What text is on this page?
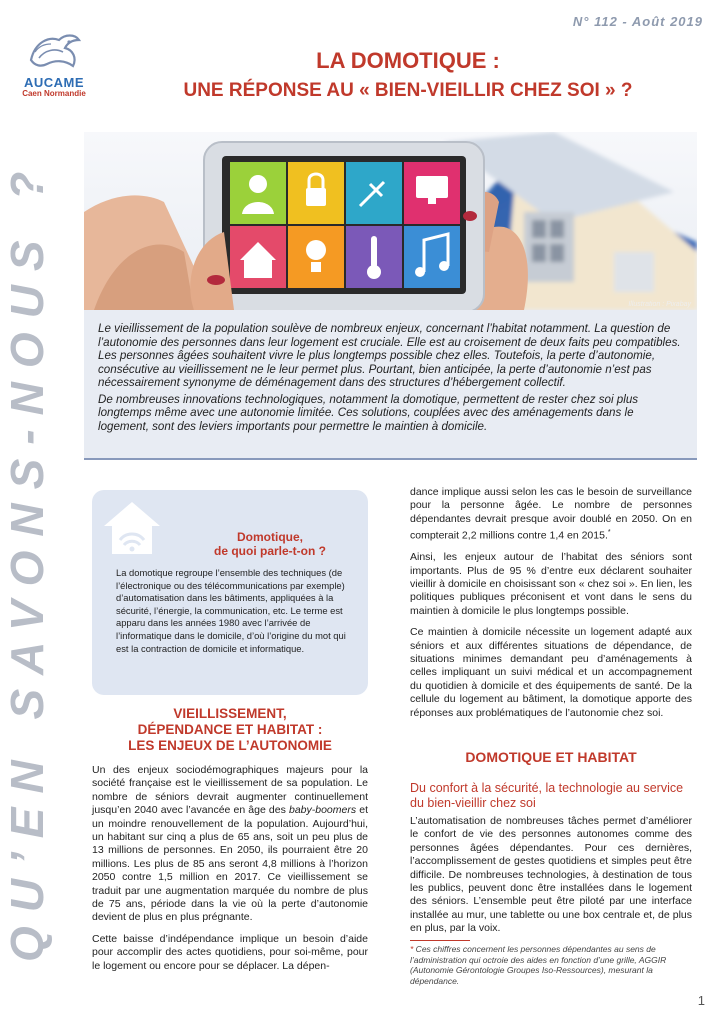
N° 112 - Août 2019
AUCAME
Caen Normandie
LA DOMOTIQUE :
UNE RÉPONSE AU « BIEN-VIEILLIR CHEZ SOI » ?
QU’EN SAVONS-NOUS ?	Illustration : Pixabay

Le vieillissement de la population soulève de nombreux enjeux, concernant l’habitat notamment. La question de l’autonomie des personnes dans leur logement est cruciale. Elle est au croisement de deux faits peu compatibles. Les personnes âgées souhaitent vivre le plus longtemps possible chez elles. Toutefois, la perte d’autonomie, consécutive au vieillissement ne le leur permet plus. Pourtant, bien anticipée, la perte d’autonomie n’est pas nécessairement synonyme de déménagement dans des structures d’hébergement collectif.

De nombreuses innovations technologiques, notamment la domotique, permettent de rester chez soi plus longtemps même avec une autonomie limitée. Ces solutions, couplées avec des aménagements dans le logement, sont des leviers importants pour permettre le maintien à domicile.

Domotique,
de quoi parle-t-on ?

La domotique regroupe l’ensemble des techniques (de l’électronique ou des télécommunications par exemple) d’automatisation dans les bâtiments, appliquées à la sécurité, l’énergie, la communication, etc. Le terme est apparu dans les années 1980 avec l’arrivée de l’informatique dans le domicile, d’où l’origine du mot qui est la contraction de domicile et informatique.

VIEILLISSEMENT,
DÉPENDANCE ET HABITAT :
LES ENJEUX DE L’AUTONOMIE

Un des enjeux sociodémographiques majeurs pour la société française est le vieillissement de sa population. Le nombre de séniors devrait augmenter continuellement jusqu’en 2040 avec l’avancée en âge des baby-boomers et un moindre renouvellement de la population. Aujourd’hui, un habitant sur cinq a plus de 65 ans, soit un peu plus de 13 millions de personnes. En 2050, ils pourraient être 20 millions. Les plus de 85 ans seront 4,8 millions à l’horizon 2050 contre 1,5 million en 2017. Ce vieillissement se traduit par une augmentation marquée du nombre de plus de 75 ans, période dans la vie où la perte d’autonomie devient de plus en plus prégnante.

Cette baisse d’indépendance implique un besoin d’aide pour accomplir des actes quotidiens, pour soi-même, pour le logement ou encore pour se déplacer. La dépen-

dance implique aussi selon les cas le besoin de surveillance pour la personne âgée. Le nombre de personnes dépendantes devrait presque avoir doublé en 2050. On en compterait 2,2 millions contre 1,4 en 2015.*

Ainsi, les enjeux autour de l’habitat des séniors sont importants. Plus de 95 % d’entre eux déclarent souhaiter vieillir à domicile en choisissant son « chez soi ». En lien, les politiques publiques préconisent et vont dans le sens du maintien à domicile le plus longtemps possible.

Ce maintien à domicile nécessite un logement adapté aux séniors et aux différentes situations de dépendance, de situations minimes demandant peu d’aménagements à celles impliquant un suivi médical et un accompagnement du quotidien à domicile et des équipements de santé. De la cellule du logement au bâtiment, la domotique apporte des réponses aux problématiques de l’autonomie chez soi.

DOMOTIQUE ET HABITAT
Du confort à la sécurité, la technologie au service du bien-vieillir chez soi

L’automatisation de nombreuses tâches permet d’améliorer le confort de vie des personnes autonomes comme des personnes âgées dépendantes. Pour ces dernières, l’accomplissement de gestes quotidiens et simples peut être difficile. De nombreuses technologies, à destination de tous les publics, peuvent donc être installées dans le logement des séniors. L’ensemble peut être piloté par une interface installée au mur, une tablette ou une box centrale et, de plus en plus, par la voix.

* Ces chiffres concernent les personnes dépendantes au sens de l’administration qui octroie des aides en fonction d’une grille, AGGIR (Autonomie Gérontologie Groupes Iso-Ressources), mesurant la dépendance.
1
